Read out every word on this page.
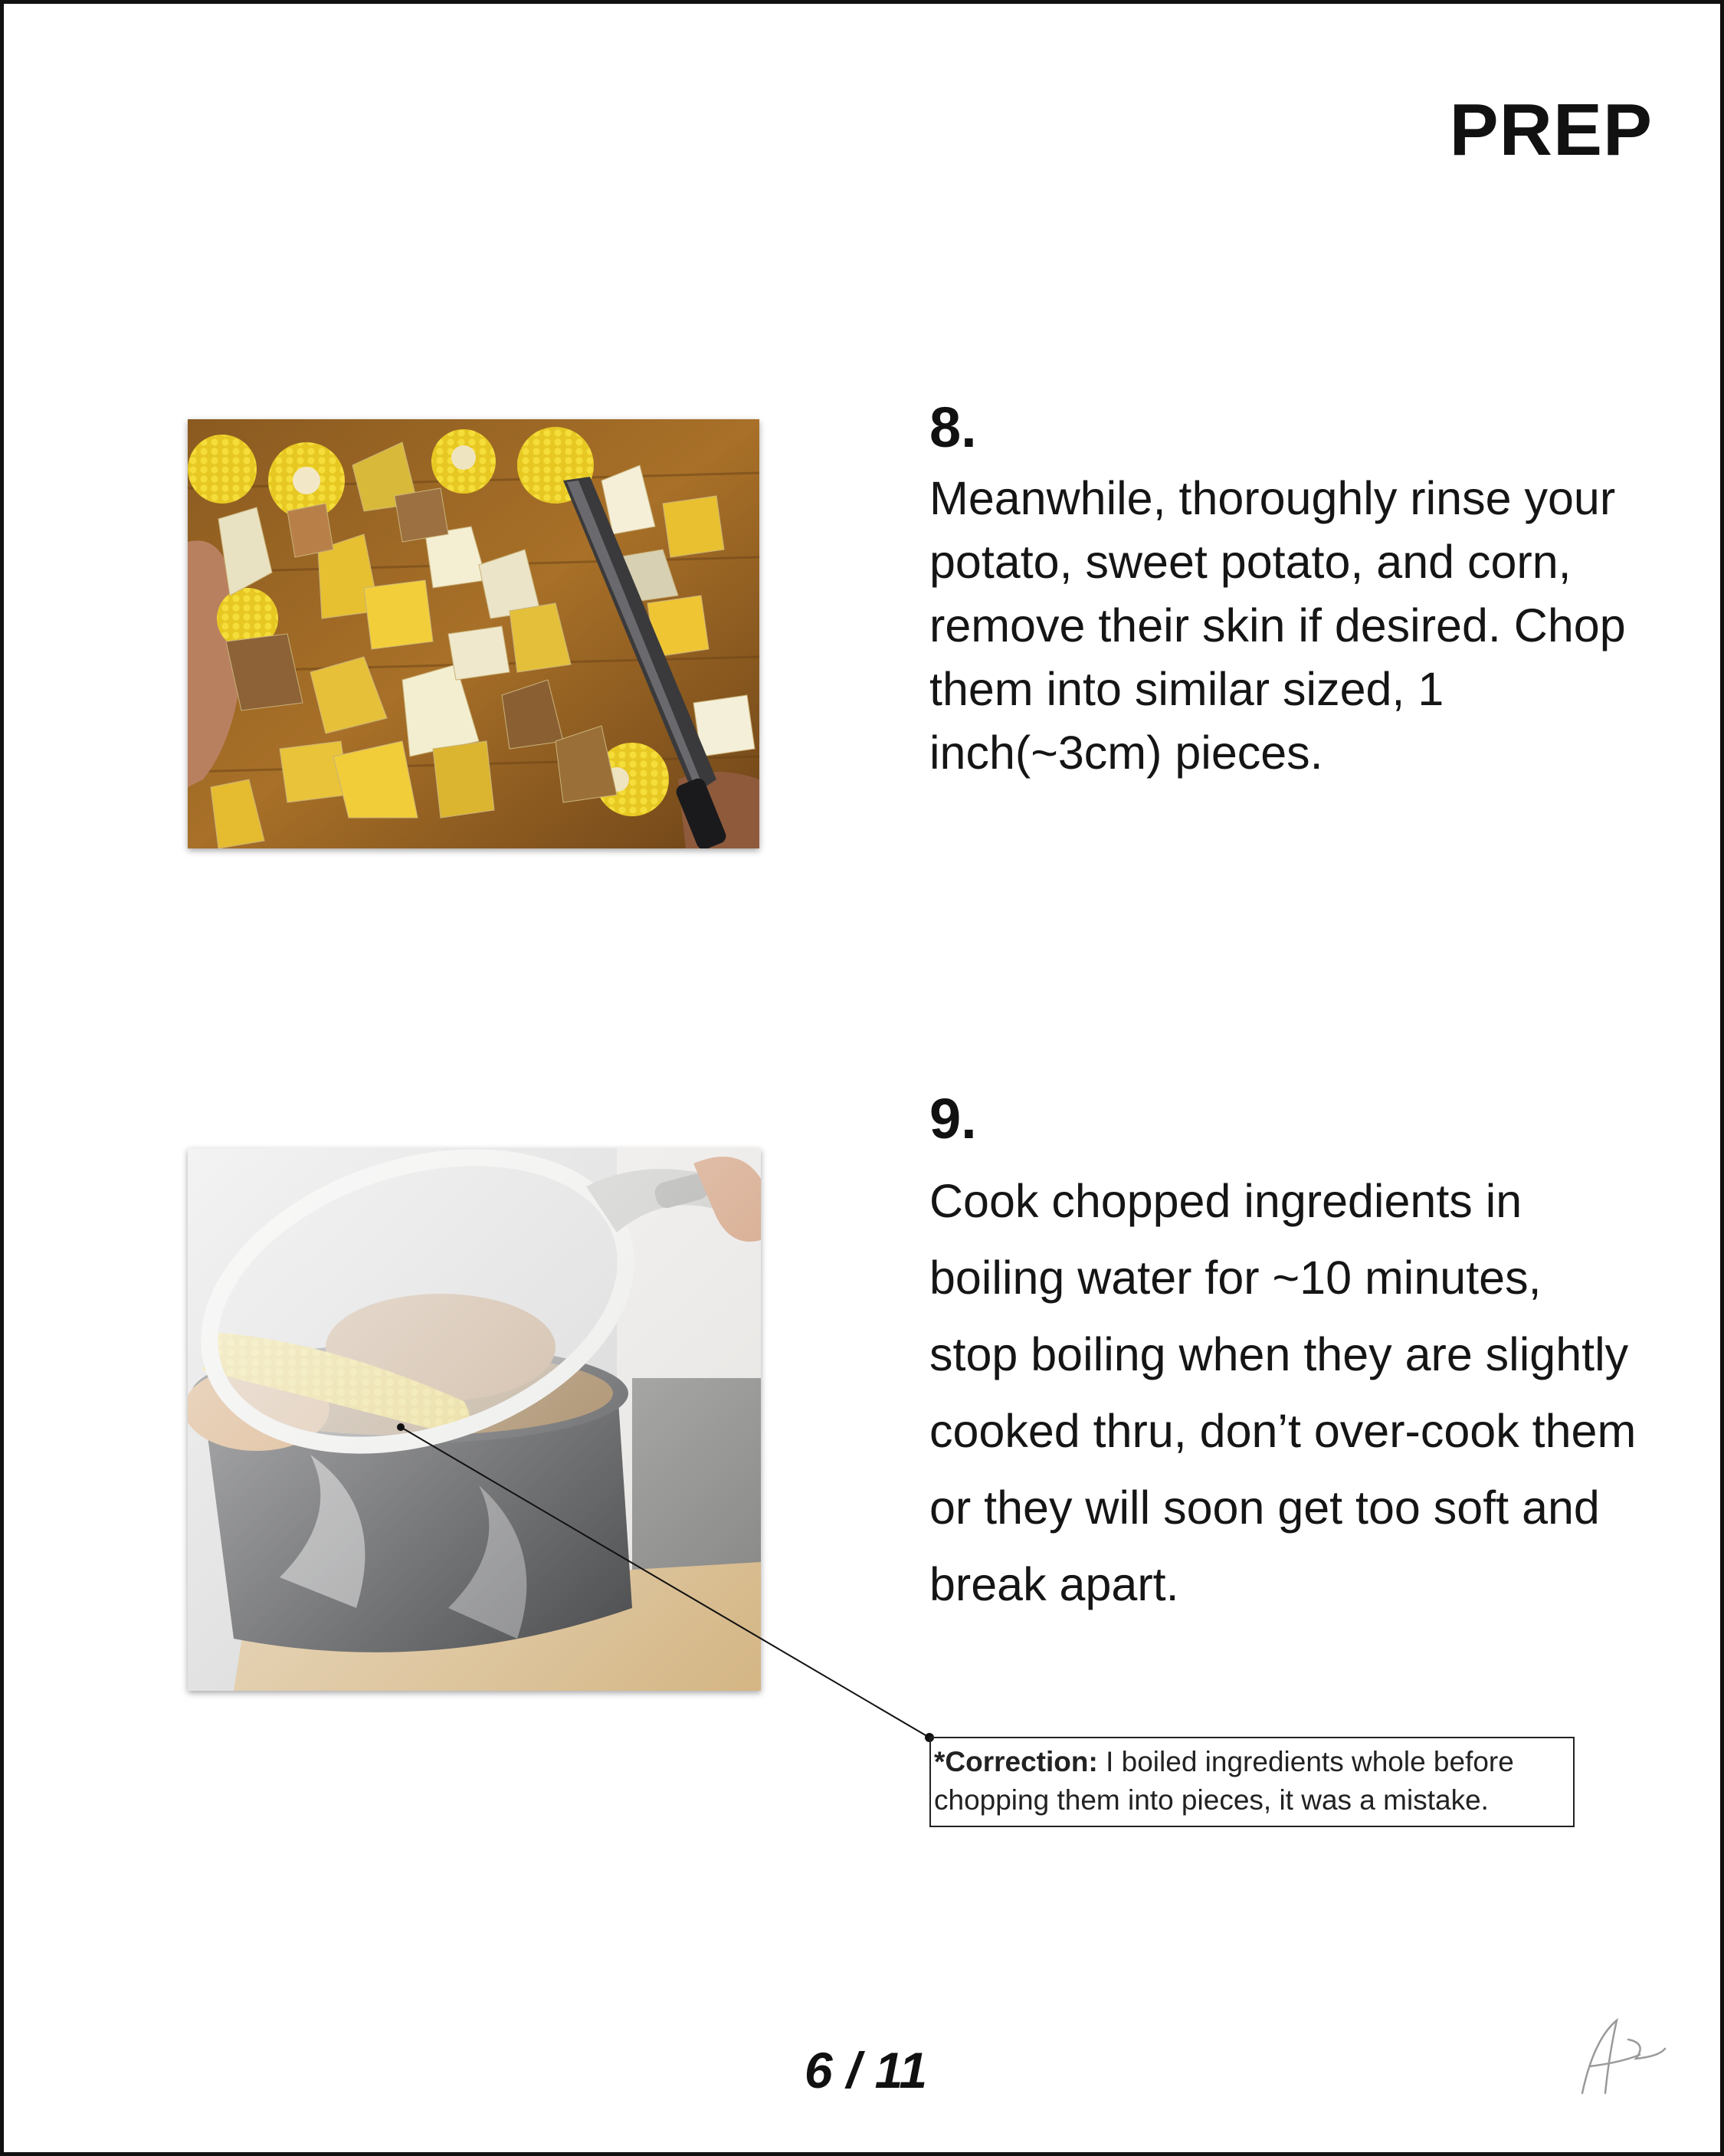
PREP
8.

Meanwhile, thoroughly rinse your potato, sweet potato, and corn, remove their skin if desired. Chop them into similar sized, 1 inch(~3cm) pieces.

9.

Cook chopped ingredients in boiling water for ~10 minutes, stop boiling when they are slightly cooked thru, don’t over-cook them or they will soon get too soft and break apart.

*Correction: I boiled ingredients whole before chopping them into pieces, it was a mistake.

6 / 11
